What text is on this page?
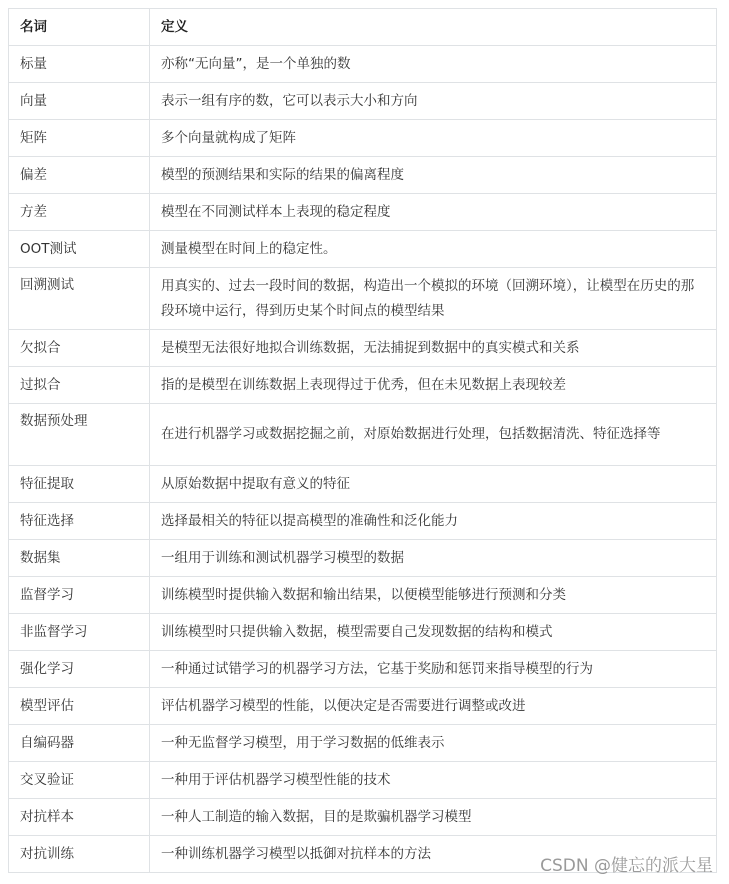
名词	定义
标量	亦称“无向量”，是一个单独的数
向量	表示一组有序的数，它可以表示大小和方向
矩阵	多个向量就构成了矩阵
偏差	模型的预测结果和实际的结果的偏离程度
方差	模型在不同测试样本上表现的稳定程度
OOT测试	测量模型在时间上的稳定性。
回溯测试	用真实的、过去一段时间的数据，构造出一个模拟的环境（回溯环境），让模型在历史的那段环境中运行，得到历史某个时间点的模型结果
欠拟合	是模型无法很好地拟合训练数据，无法捕捉到数据中的真实模式和关系
过拟合	指的是模型在训练数据上表现得过于优秀，但在未见数据上表现较差
数据预处理	在进行机器学习或数据挖掘之前，对原始数据进行处理，包括数据清洗、特征选择等
特征提取	从原始数据中提取有意义的特征
特征选择	选择最相关的特征以提高模型的准确性和泛化能力
数据集	一组用于训练和测试机器学习模型的数据
监督学习	训练模型时提供输入数据和输出结果，以便模型能够进行预测和分类
非监督学习	训练模型时只提供输入数据，模型需要自己发现数据的结构和模式
强化学习	一种通过试错学习的机器学习方法，它基于奖励和惩罚来指导模型的行为
模型评估	评估机器学习模型的性能，以便决定是否需要进行调整或改进
自编码器	一种无监督学习模型，用于学习数据的低维表示
交叉验证	一种用于评估机器学习模型性能的技术
对抗样本	一种人工制造的输入数据，目的是欺骗机器学习模型
对抗训练	一种训练机器学习模型以抵御对抗样本的方法
CSDN @健忘的派大星
